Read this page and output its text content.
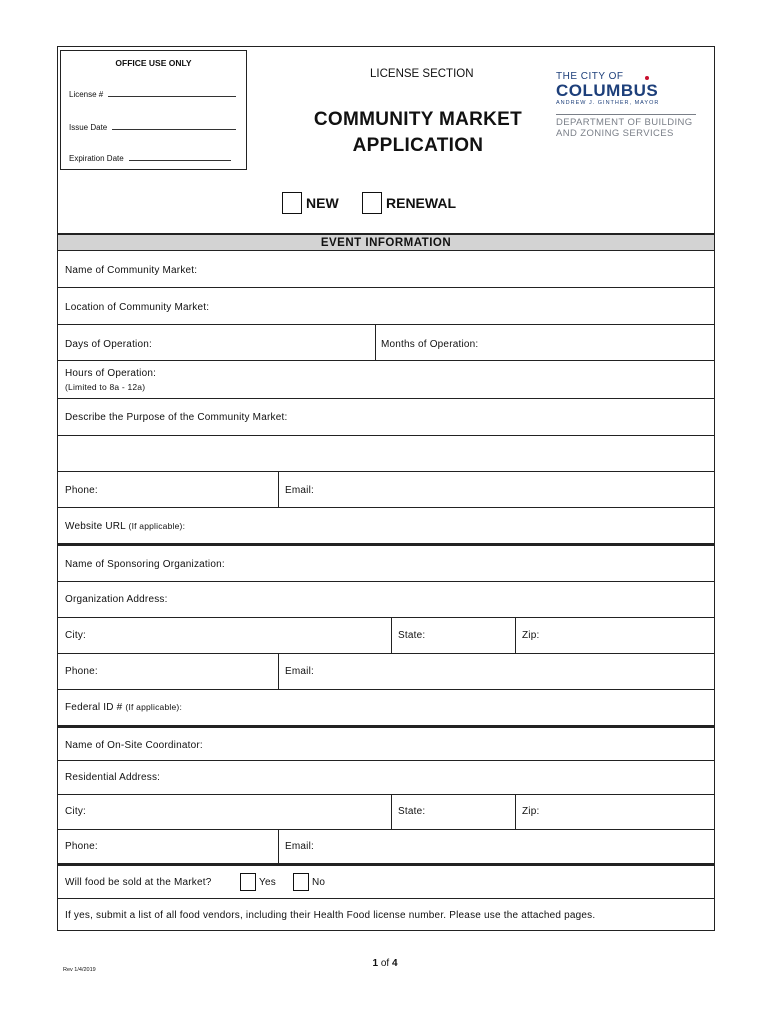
OFFICE USE ONLY
License #
Issue Date
Expiration Date
LICENSE SECTION
COMMUNITY MARKET
APPLICATION
THE CITY OF
COLUMBUS
ANDREW J. GINTHER, MAYOR
DEPARTMENT OF BUILDING
AND ZONING SERVICES
NEW	RENEWAL
EVENT INFORMATION
Name of Community Market:
Location of Community Market:
Days of Operation:	Months of Operation:
Hours of Operation:
(Limited to 8a - 12a)
Describe the Purpose of the Community Market:
Phone:	Email:
Website URL (If applicable):
Name of Sponsoring Organization:
Organization Address:
City:	State:	Zip:
Phone:	Email:
Federal ID # (If applicable):
Name of On-Site Coordinator:
Residential Address:
City:	State:	Zip:
Phone:	Email:
Will food be sold at the Market?	Yes	No
If yes, submit a list of all food vendors, including their Health Food license number. Please use the attached pages.
1 of 4
Rev 1/4/2019
